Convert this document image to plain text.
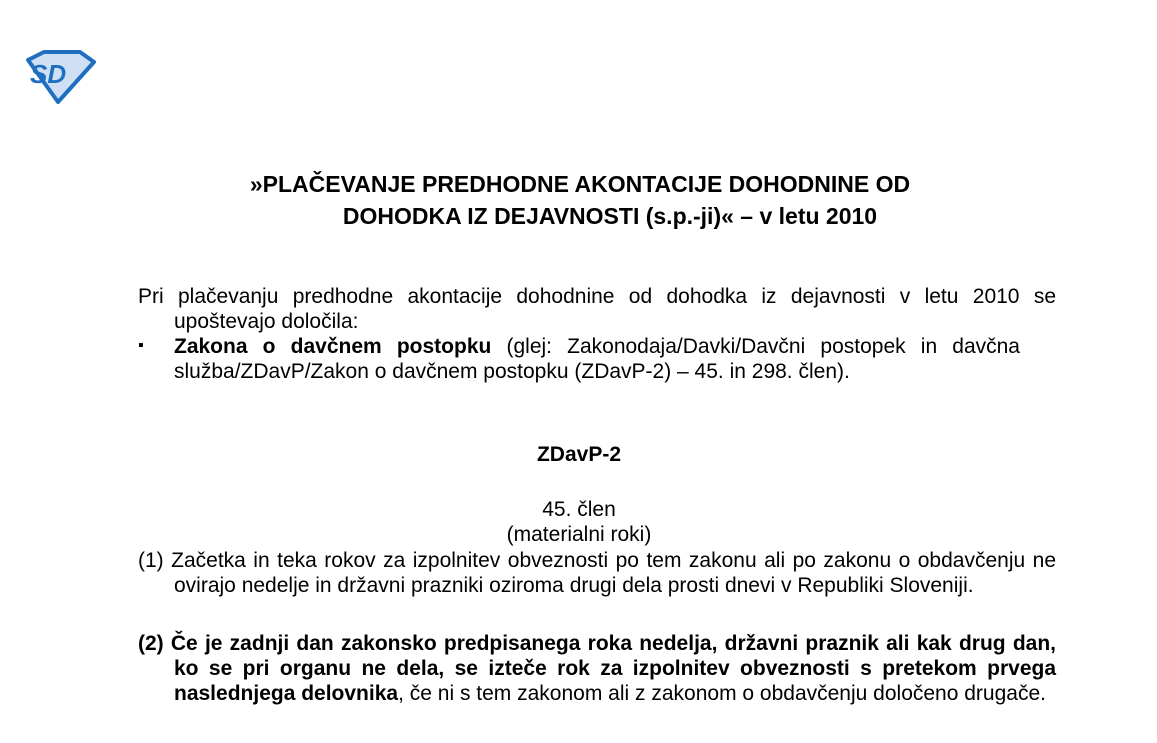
SD
»PLAČEVANJE PREDHODNE AKONTACIJE DOHODNINE OD
DOHODKA IZ DEJAVNOSTI (s.p.-ji)« – v letu 2010
Pri plačevanju predhodne akontacije dohodnine od dohodka iz dejavnosti v letu 2010 se upoštevajo določila:
▪ Zakona o davčnem postopku (glej: Zakonodaja/Davki/Davčni postopek in davčna služba/ZDavP/Zakon o davčnem postopku (ZDavP-2) – 45. in 298. člen).
ZDavP-2
45. člen
(materialni roki)
(1) Začetka in teka rokov za izpolnitev obveznosti po tem zakonu ali po zakonu o obdavčenju ne ovirajo nedelje in državni prazniki oziroma drugi dela prosti dnevi v Republiki Sloveniji.
(2) Če je zadnji dan zakonsko predpisanega roka nedelja, državni praznik ali kak drug dan, ko se pri organu ne dela, se izteče rok za izpolnitev obveznosti s pretekom prvega naslednjega delovnika, če ni s tem zakonom ali z zakonom o obdavčenju določeno drugače.
